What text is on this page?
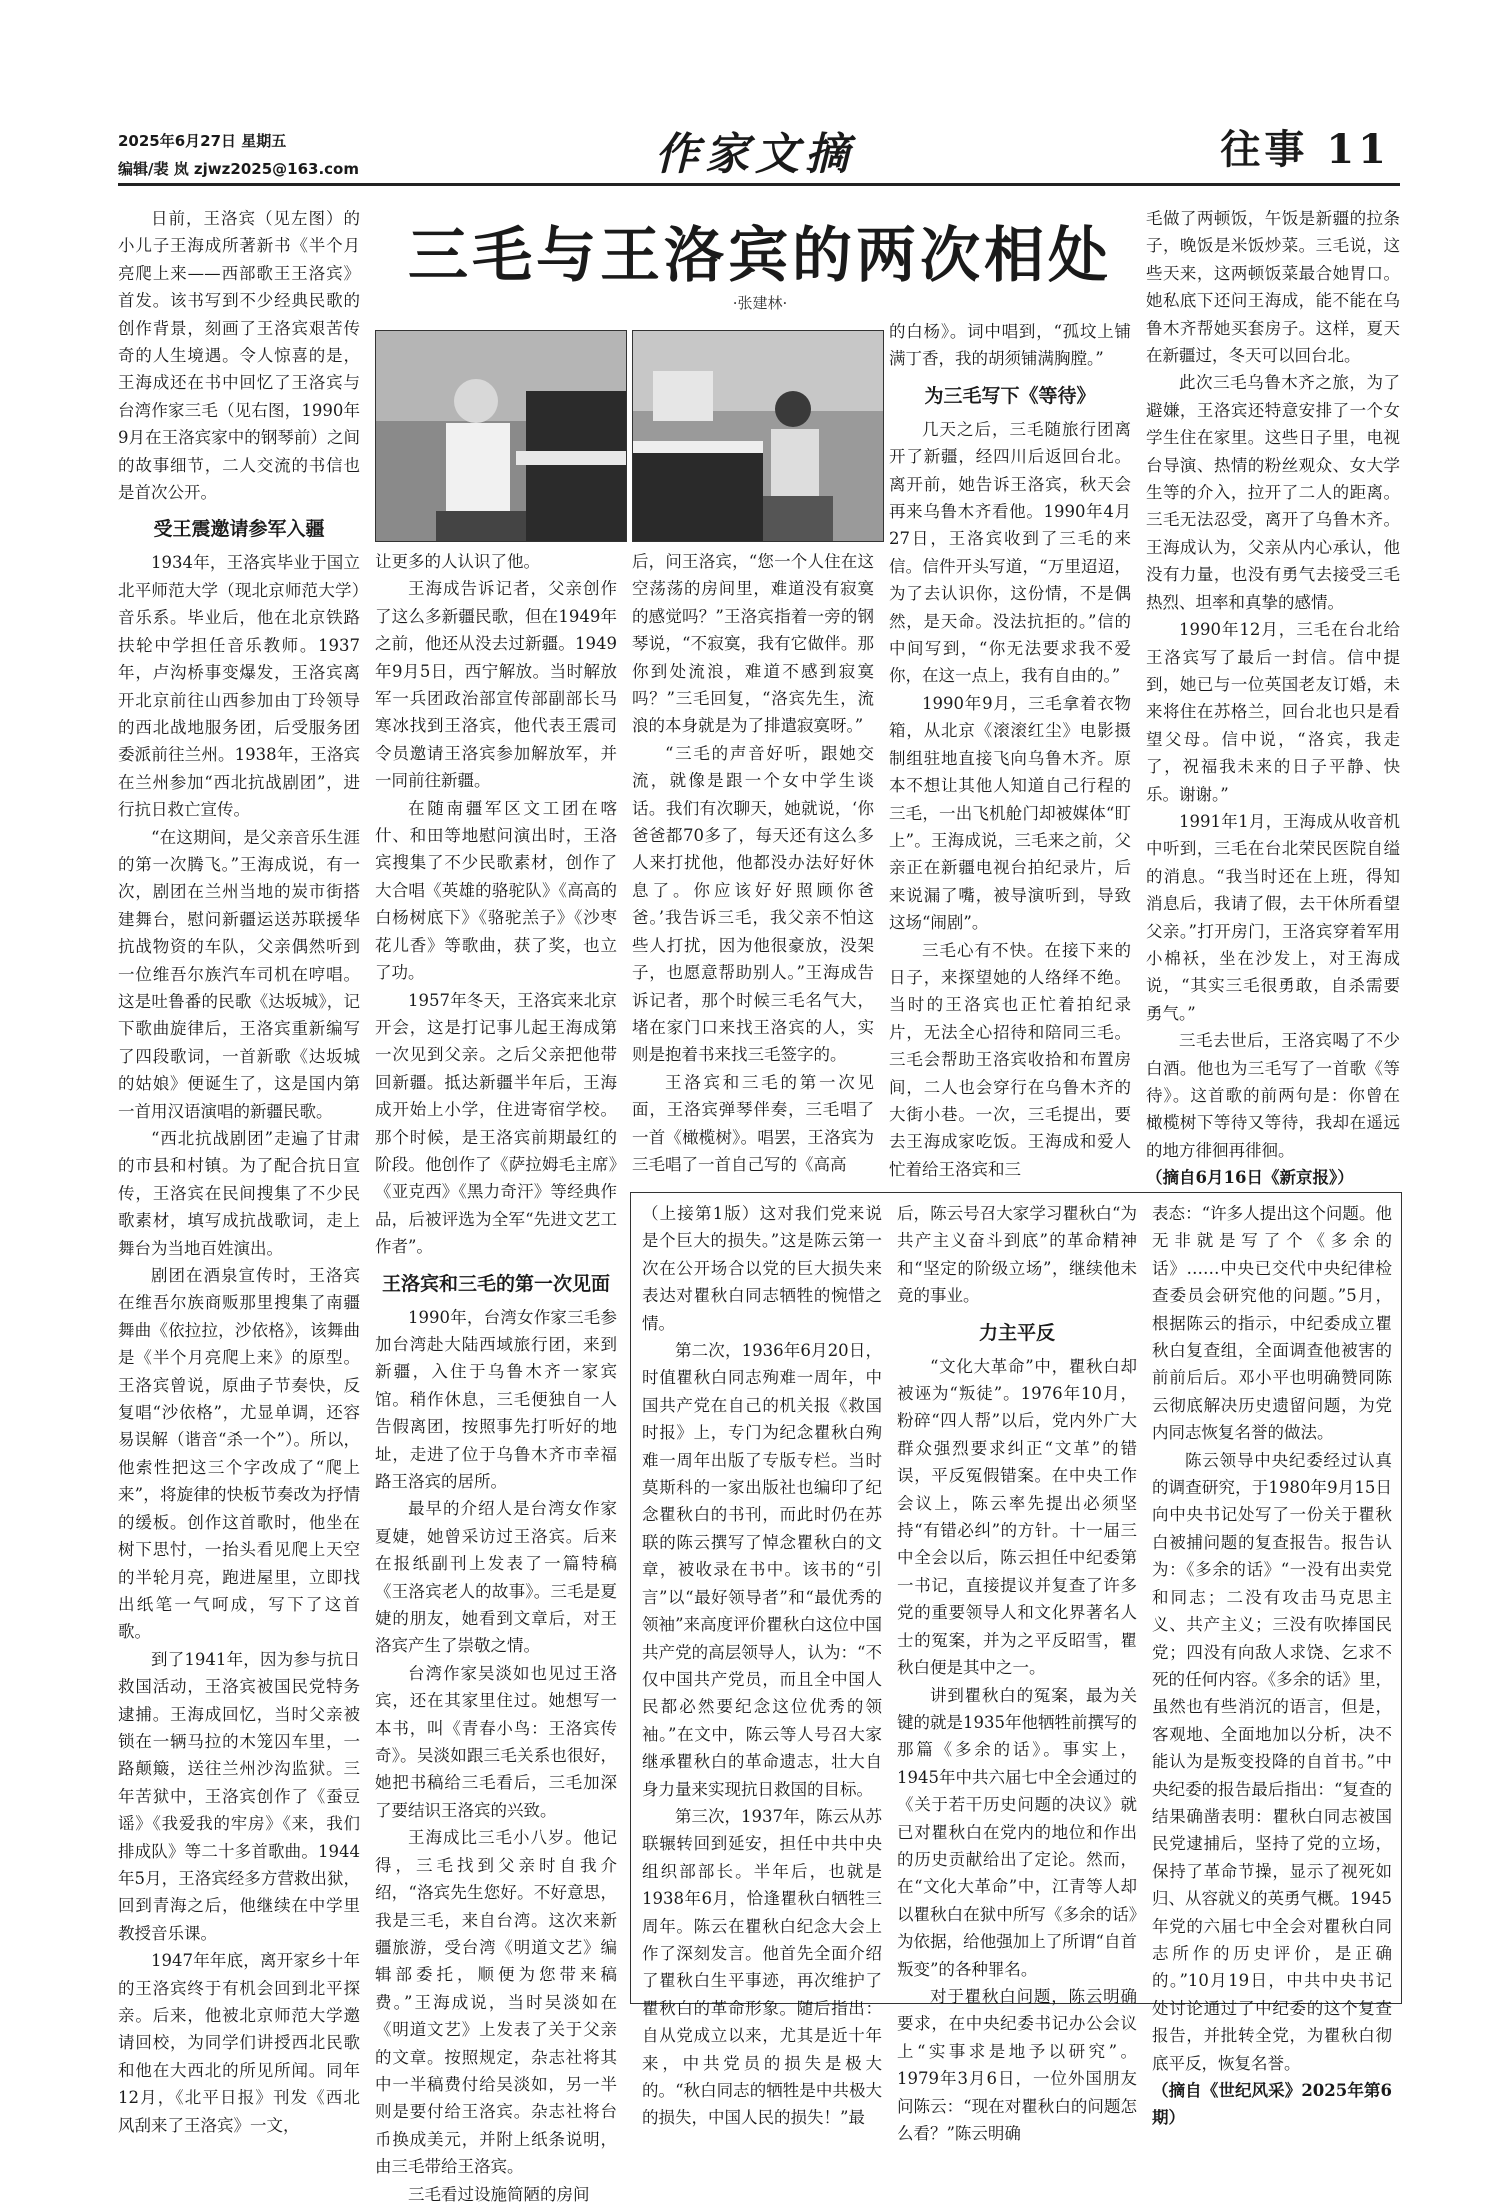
2025年6月27日 星期五
编辑/裴 岚 zjwz2025@163.com	作家文摘	往事 11
三毛与王洛宾的两次相处
·张建林·

日前，王洛宾（见左图）的小儿子王海成所著新书《半个月亮爬上来——西部歌王王洛宾》首发。该书写到不少经典民歌的创作背景，刻画了王洛宾艰苦传奇的人生境遇。令人惊喜的是，王海成还在书中回忆了王洛宾与台湾作家三毛（见右图，1990年9月在王洛宾家中的钢琴前）之间的故事细节，二人交流的书信也是首次公开。

受王震邀请参军入疆

1934年，王洛宾毕业于国立北平师范大学（现北京师范大学）音乐系。毕业后，他在北京铁路扶轮中学担任音乐教师。1937年，卢沟桥事变爆发，王洛宾离开北京前往山西参加由丁玲领导的西北战地服务团，后受服务团委派前往兰州。1938年，王洛宾在兰州参加“西北抗战剧团”，进行抗日救亡宣传。

“在这期间，是父亲音乐生涯的第一次腾飞。”王海成说，有一次，剧团在兰州当地的炭市街搭建舞台，慰问新疆运送苏联援华抗战物资的车队，父亲偶然听到一位维吾尔族汽车司机在哼唱。这是吐鲁番的民歌《达坂城》，记下歌曲旋律后，王洛宾重新编写了四段歌词，一首新歌《达坂城的姑娘》便诞生了，这是国内第一首用汉语演唱的新疆民歌。

“西北抗战剧团”走遍了甘肃的市县和村镇。为了配合抗日宣传，王洛宾在民间搜集了不少民歌素材，填写成抗战歌词，走上舞台为当地百姓演出。

剧团在酒泉宣传时，王洛宾在维吾尔族商贩那里搜集了南疆舞曲《依拉拉，沙依格》，该舞曲是《半个月亮爬上来》的原型。王洛宾曾说，原曲子节奏快，反复唱“沙依格”，尤显单调，还容易误解（谐音“杀一个”）。所以，他索性把这三个字改成了“爬上来”，将旋律的快板节奏改为抒情的缓板。创作这首歌时，他坐在树下思忖，一抬头看见爬上天空的半轮月亮，跑进屋里，立即找出纸笔一气呵成，写下了这首歌。

到了1941年，因为参与抗日救国活动，王洛宾被国民党特务逮捕。王海成回忆，当时父亲被锁在一辆马拉的木笼囚车里，一路颠簸，送往兰州沙沟监狱。三年苦狱中，王洛宾创作了《蚕豆谣》《我爱我的牢房》《来，我们排成队》等二十多首歌曲。1944年5月，王洛宾经多方营救出狱，回到青海之后，他继续在中学里教授音乐课。

1947年年底，离开家乡十年的王洛宾终于有机会回到北平探亲。后来，他被北京师范大学邀请回校，为同学们讲授西北民歌和他在大西北的所见所闻。同年12月，《北平日报》刊发《西北风刮来了王洛宾》一文，

让更多的人认识了他。

王海成告诉记者，父亲创作了这么多新疆民歌，但在1949年之前，他还从没去过新疆。1949年9月5日，西宁解放。当时解放军一兵团政治部宣传部副部长马寒冰找到王洛宾，他代表王震司令员邀请王洛宾参加解放军，并一同前往新疆。

在随南疆军区文工团在喀什、和田等地慰问演出时，王洛宾搜集了不少民歌素材，创作了大合唱《英雄的骆驼队》《高高的白杨树底下》《骆驼羔子》《沙枣花儿香》等歌曲，获了奖，也立了功。

1957年冬天，王洛宾来北京开会，这是打记事儿起王海成第一次见到父亲。之后父亲把他带回新疆。抵达新疆半年后，王海成开始上小学，住进寄宿学校。那个时候，是王洛宾前期最红的阶段。他创作了《萨拉姆毛主席》《亚克西》《黑力奇汗》等经典作品，后被评选为全军“先进文艺工作者”。

王洛宾和三毛的第一次见面

1990年，台湾女作家三毛参加台湾赴大陆西域旅行团，来到新疆，入住于乌鲁木齐一家宾馆。稍作休息，三毛便独自一人告假离团，按照事先打听好的地址，走进了位于乌鲁木齐市幸福路王洛宾的居所。

最早的介绍人是台湾女作家夏婕，她曾采访过王洛宾。后来在报纸副刊上发表了一篇特稿《王洛宾老人的故事》。三毛是夏婕的朋友，她看到文章后，对王洛宾产生了崇敬之情。

台湾作家吴淡如也见过王洛宾，还在其家里住过。她想写一本书，叫《青春小鸟：王洛宾传奇》。吴淡如跟三毛关系也很好，她把书稿给三毛看后，三毛加深了要结识王洛宾的兴致。

王海成比三毛小八岁。他记得，三毛找到父亲时自我介绍，“洛宾先生您好。不好意思，我是三毛，来自台湾。这次来新疆旅游，受台湾《明道文艺》编辑部委托，顺便为您带来稿费。”王海成说，当时吴淡如在《明道文艺》上发表了关于父亲的文章。按照规定，杂志社将其中一半稿费付给吴淡如，另一半则是要付给王洛宾。杂志社将台币换成美元，并附上纸条说明，由三毛带给王洛宾。

三毛看过设施简陋的房间

后，问王洛宾，“您一个人住在这空荡荡的房间里，难道没有寂寞的感觉吗？”王洛宾指着一旁的钢琴说，“不寂寞，我有它做伴。那你到处流浪，难道不感到寂寞吗？”三毛回复，“洛宾先生，流浪的本身就是为了排遣寂寞呀。”

“三毛的声音好听，跟她交流，就像是跟一个女中学生谈话。我们有次聊天，她就说，‘你爸爸都70多了，每天还有这么多人来打扰他，他都没办法好好休息了。你应该好好照顾你爸爸。’我告诉三毛，我父亲不怕这些人打扰，因为他很豪放，没架子，也愿意帮助别人。”王海成告诉记者，那个时候三毛名气大，堵在家门口来找王洛宾的人，实则是抱着书来找三毛签字的。

王洛宾和三毛的第一次见面，王洛宾弹琴伴奏，三毛唱了一首《橄榄树》。唱罢，王洛宾为三毛唱了一首自己写的《高高

的白杨》。词中唱到，“孤坟上铺满丁香，我的胡须铺满胸膛。”

为三毛写下《等待》

几天之后，三毛随旅行团离开了新疆，经四川后返回台北。离开前，她告诉王洛宾，秋天会再来乌鲁木齐看他。1990年4月27日，王洛宾收到了三毛的来信。信件开头写道，“万里迢迢，为了去认识你，这份情，不是偶然，是天命。没法抗拒的。”信的中间写到，“你无法要求我不爱你，在这一点上，我有自由的。”

1990年9月，三毛拿着衣物箱，从北京《滚滚红尘》电影摄制组驻地直接飞向乌鲁木齐。原本不想让其他人知道自己行程的三毛，一出飞机舱门却被媒体“盯上”。王海成说，三毛来之前，父亲正在新疆电视台拍纪录片，后来说漏了嘴，被导演听到，导致这场“闹剧”。

三毛心有不快。在接下来的日子，来探望她的人络绎不绝。当时的王洛宾也正忙着拍纪录片，无法全心招待和陪同三毛。三毛会帮助王洛宾收拾和布置房间，二人也会穿行在乌鲁木齐的大街小巷。一次，三毛提出，要去王海成家吃饭。王海成和爱人忙着给王洛宾和三

毛做了两顿饭，午饭是新疆的拉条子，晚饭是米饭炒菜。三毛说，这些天来，这两顿饭菜最合她胃口。她私底下还问王海成，能不能在乌鲁木齐帮她买套房子。这样，夏天在新疆过，冬天可以回台北。

此次三毛乌鲁木齐之旅，为了避嫌，王洛宾还特意安排了一个女学生住在家里。这些日子里，电视台导演、热情的粉丝观众、女大学生等的介入，拉开了二人的距离。三毛无法忍受，离开了乌鲁木齐。王海成认为，父亲从内心承认，他没有力量，也没有勇气去接受三毛热烈、坦率和真挚的感情。

1990年12月，三毛在台北给王洛宾写了最后一封信。信中提到，她已与一位英国老友订婚，未来将住在苏格兰，回台北也只是看望父母。信中说，“洛宾，我走了，祝福我未来的日子平静、快乐。谢谢。”

1991年1月，王海成从收音机中听到，三毛在台北荣民医院自缢的消息。“我当时还在上班，得知消息后，我请了假，去干休所看望父亲。”打开房门，王洛宾穿着军用小棉袄，坐在沙发上，对王海成说，“其实三毛很勇敢，自杀需要勇气。”

三毛去世后，王洛宾喝了不少白酒。他也为三毛写了一首歌《等待》。这首歌的前两句是：你曾在橄榄树下等待又等待，我却在遥远的地方徘徊再徘徊。

（摘自6月16日《新京报》）

（上接第1版）这对我们党来说是个巨大的损失。”这是陈云第一次在公开场合以党的巨大损失来表达对瞿秋白同志牺牲的惋惜之情。

第二次，1936年6月20日，时值瞿秋白同志殉难一周年，中国共产党在自己的机关报《救国时报》上，专门为纪念瞿秋白殉难一周年出版了专版专栏。当时莫斯科的一家出版社也编印了纪念瞿秋白的书刊，而此时仍在苏联的陈云撰写了悼念瞿秋白的文章，被收录在书中。该书的“引言”以“最好领导者”和“最优秀的领袖”来高度评价瞿秋白这位中国共产党的高层领导人，认为：“不仅中国共产党员，而且全中国人民都必然要纪念这位优秀的领袖。”在文中，陈云等人号召大家继承瞿秋白的革命遗志，壮大自身力量来实现抗日救国的目标。

第三次，1937年，陈云从苏联辗转回到延安，担任中共中央组织部部长。半年后，也就是1938年6月，恰逢瞿秋白牺牲三周年。陈云在瞿秋白纪念大会上作了深刻发言。他首先全面介绍了瞿秋白生平事迹，再次维护了瞿秋白的革命形象。随后指出：自从党成立以来，尤其是近十年来，中共党员的损失是极大的。“秋白同志的牺牲是中共极大的损失，中国人民的损失！”最

后，陈云号召大家学习瞿秋白“为共产主义奋斗到底”的革命精神和“坚定的阶级立场”，继续他未竟的事业。

力主平反

“文化大革命”中，瞿秋白却被诬为“叛徒”。1976年10月，粉碎“四人帮”以后，党内外广大群众强烈要求纠正“文革”的错误，平反冤假错案。在中央工作会议上，陈云率先提出必须坚持“有错必纠”的方针。十一届三中全会以后，陈云担任中纪委第一书记，直接提议并复查了许多党的重要领导人和文化界著名人士的冤案，并为之平反昭雪，瞿秋白便是其中之一。

讲到瞿秋白的冤案，最为关键的就是1935年他牺牲前撰写的那篇《多余的话》。事实上，1945年中共六届七中全会通过的《关于若干历史问题的决议》就已对瞿秋白在党内的地位和作出的历史贡献给出了定论。然而，在“文化大革命”中，江青等人却以瞿秋白在狱中所写《多余的话》为依据，给他强加上了所谓“自首叛变”的各种罪名。

对于瞿秋白问题，陈云明确要求，在中央纪委书记办公会议上“实事求是地予以研究”。1979年3月6日，一位外国朋友问陈云：“现在对瞿秋白的问题怎么看？”陈云明确

表态：“许多人提出这个问题。他无非就是写了个《多余的话》……中央已交代中央纪律检查委员会研究他的问题。”5月，根据陈云的指示，中纪委成立瞿秋白复查组，全面调查他被害的前前后后。邓小平也明确赞同陈云彻底解决历史遗留问题，为党内同志恢复名誉的做法。

陈云领导中央纪委经过认真的调查研究，于1980年9月15日向中央书记处写了一份关于瞿秋白被捕问题的复查报告。报告认为：《多余的话》“一没有出卖党和同志；二没有攻击马克思主义、共产主义；三没有吹捧国民党；四没有向敌人求饶、乞求不死的任何内容。《多余的话》里，虽然也有些消沉的语言，但是，客观地、全面地加以分析，决不能认为是叛变投降的自首书。”中央纪委的报告最后指出：“复查的结果确凿表明：瞿秋白同志被国民党逮捕后，坚持了党的立场，保持了革命节操，显示了视死如归、从容就义的英勇气概。1945年党的六届七中全会对瞿秋白同志所作的历史评价，是正确的。”10月19日，中共中央书记处讨论通过了中纪委的这个复查报告，并批转全党，为瞿秋白彻底平反，恢复名誉。

（摘自《世纪风采》2025年第6期）
